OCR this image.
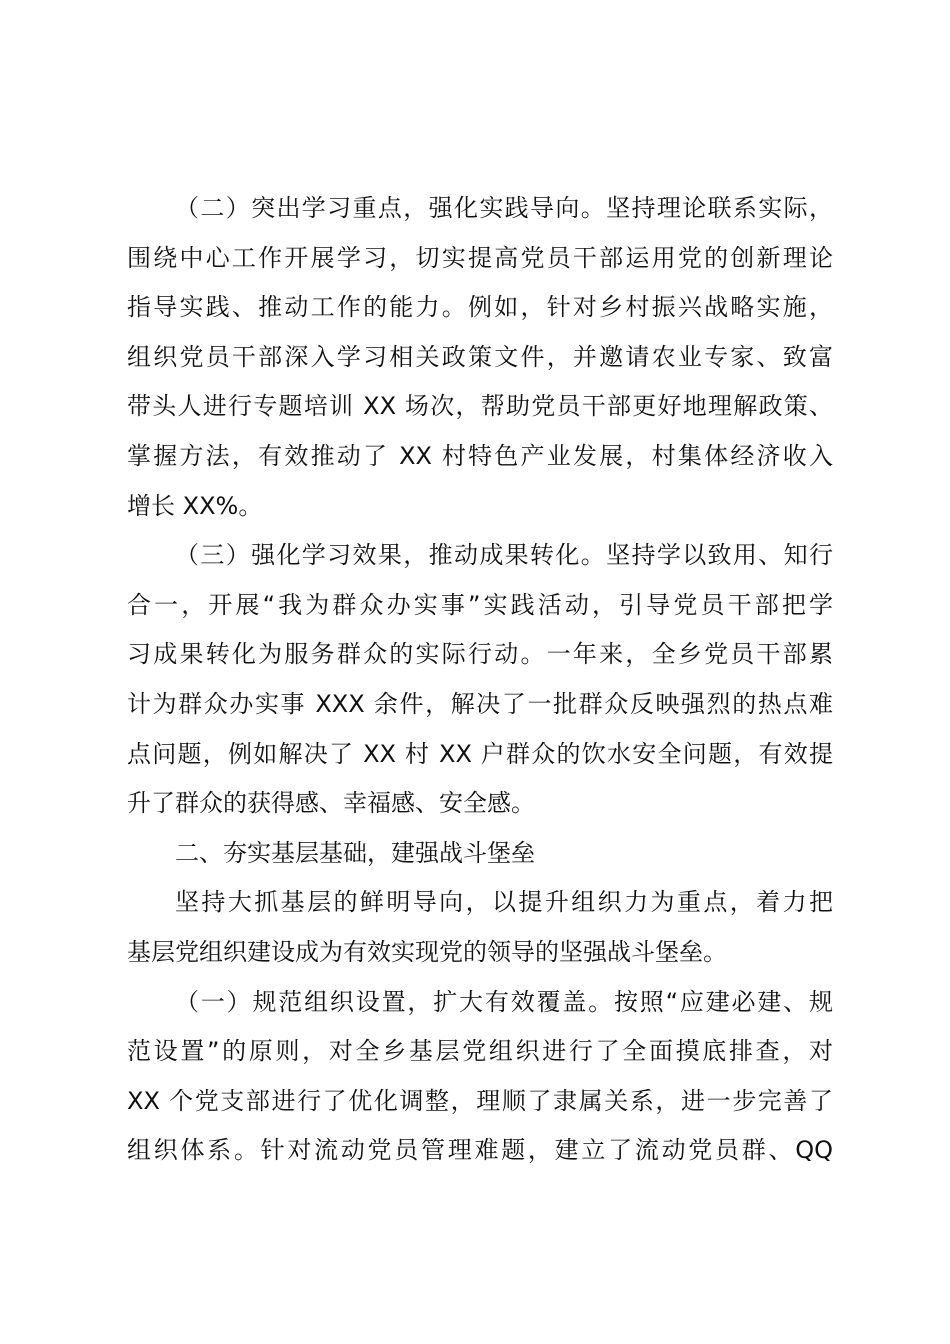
（二）突出学习重点，强化实践导向。坚持理论联系实际，
围绕中心工作开展学习，切实提高党员干部运用党的创新理论
指导实践、推动工作的能力。例如，针对乡村振兴战略实施，
组织党员干部深入学习相关政策文件，并邀请农业专家、致富
带头人进行专题培训 XX 场次，帮助党员干部更好地理解政策、
掌握方法，有效推动了 XX 村特色产业发展，村集体经济收入
增长 XX%。
（三）强化学习效果，推动成果转化。坚持学以致用、知行
合一，开展“我为群众办实事”实践活动，引导党员干部把学
习成果转化为服务群众的实际行动。一年来，全乡党员干部累
计为群众办实事 XXX 余件，解决了一批群众反映强烈的热点难
点问题，例如解决了 XX 村 XX 户群众的饮水安全问题，有效提
升了群众的获得感、幸福感、安全感。
二、夯实基层基础，建强战斗堡垒
坚持大抓基层的鲜明导向，以提升组织力为重点，着力把
基层党组织建设成为有效实现党的领导的坚强战斗堡垒。
（一）规范组织设置，扩大有效覆盖。按照“应建必建、规
范设置”的原则，对全乡基层党组织进行了全面摸底排查，对
XX 个党支部进行了优化调整，理顺了隶属关系，进一步完善了
组织体系。针对流动党员管理难题，建立了流动党员群、QQ
